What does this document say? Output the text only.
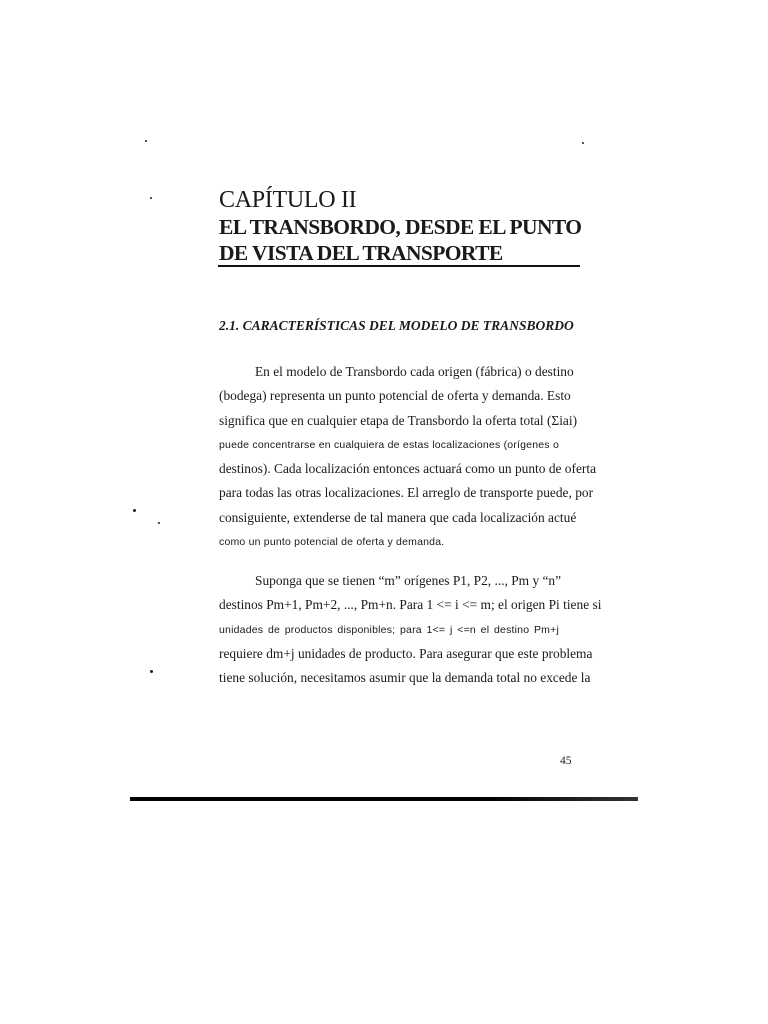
CAPÍTULO II
EL TRANSBORDO, DESDE EL PUNTO
DE VISTA DEL TRANSPORTE
2.1. CARACTERÍSTICAS DEL MODELO DE TRANSBORDO
En el modelo de Transbordo cada origen (fábrica) o destino
(bodega) representa un punto potencial de oferta y demanda. Esto
significa que en cualquier etapa de Transbordo la oferta total (Σiai)
puede concentrarse en cualquiera de estas localizaciones (orígenes o
destinos). Cada localización entonces actuará como un punto de oferta
para todas las otras localizaciones. El arreglo de transporte puede, por
consiguiente, extenderse de tal manera que cada localización actué
como un punto potencial de oferta y demanda.
Suponga que se tienen “m” orígenes P1, P2, ..., Pm y “n”
destinos Pm+1, Pm+2, ..., Pm+n. Para 1 <= i <= m; el origen Pi tiene si
unidades de productos disponibles; para 1<= j <=n el destino Pm+j
requiere dm+j unidades de producto. Para asegurar que este problema
tiene solución, necesitamos asumir que la demanda total no excede la
45
